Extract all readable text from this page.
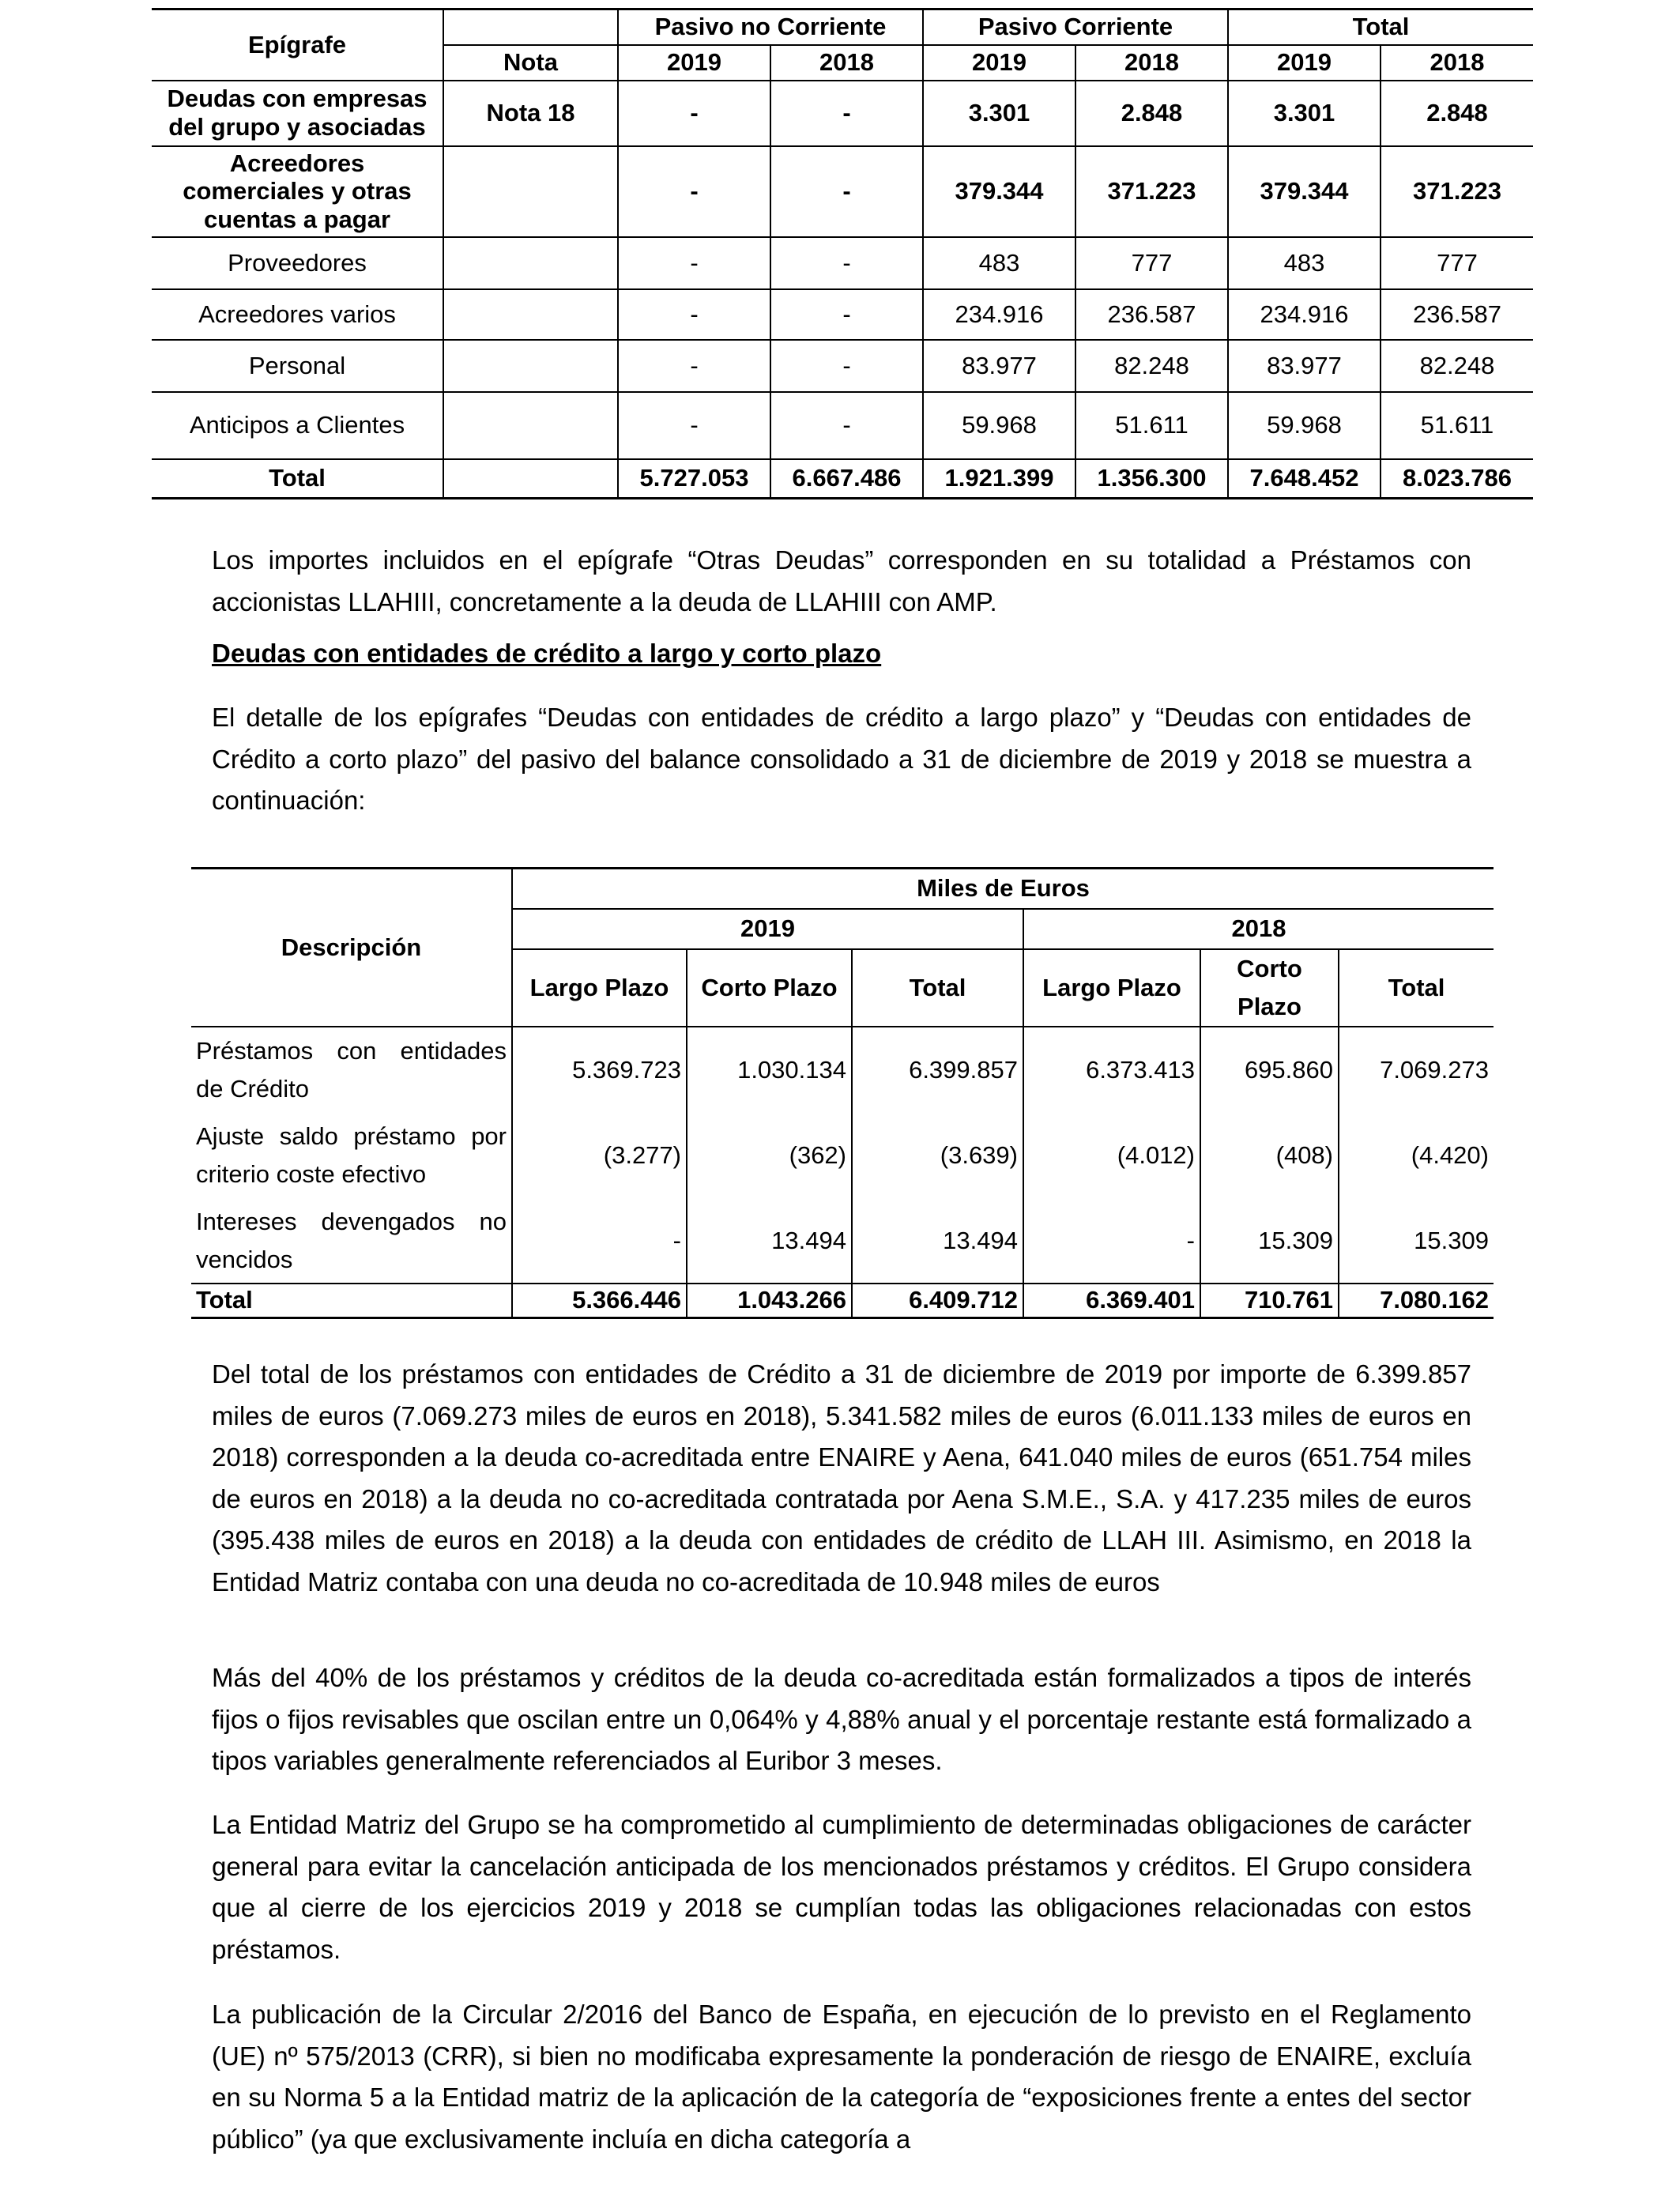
Epígrafe		Pasivo no Corriente		Pasivo Corriente		Total	
	Nota	2019	2018	2019	2018	2019	2018
Deudas con empresas del grupo y asociadas	Nota 18	-	-	3.301	2.848	3.301	2.848
Acreedores comerciales y otras cuentas a pagar		-	-	379.344	371.223	379.344	371.223
Proveedores		-	-	483	777	483	777
Acreedores varios		-	-	234.916	236.587	234.916	236.587
Personal		-	-	83.977	82.248	83.977	82.248
Anticipos a Clientes		-	-	59.968	51.611	59.968	51.611
Total		5.727.053	6.667.486	1.921.399	1.356.300	7.648.452	8.023.786

Los importes incluidos en el epígrafe “Otras Deudas” corresponden en su totalidad a Préstamos con accionistas LLAHIII, concretamente a la deuda de LLAHIII con AMP.

Deudas con entidades de crédito a largo y corto plazo

El detalle de los epígrafes “Deudas con entidades de crédito a largo plazo” y “Deudas con entidades de Crédito a corto plazo” del pasivo del balance consolidado a 31 de diciembre de 2019 y 2018 se muestra a continuación:

Descripción	Miles de Euros					
	2019			2018		
	Largo Plazo	Corto Plazo	Total	Largo Plazo	Corto Plazo	Total

Préstamos con entidades
de Crédito	5.369.723	1.030.134	6.399.857	6.373.413	695.860	7.069.273

Ajuste saldo préstamo por
criterio coste efectivo	(3.277)	(362)	(3.639)	(4.012)	(408)	(4.420)

Intereses devengados no
vencidos	-	13.494	13.494	-	15.309	15.309
Total	5.366.446	1.043.266	6.409.712	6.369.401	710.761	7.080.162

Del total de los préstamos con entidades de Crédito a 31 de diciembre de 2019 por importe de 6.399.857 miles de euros (7.069.273 miles de euros en 2018), 5.341.582 miles de euros (6.011.133 miles de euros en 2018) corresponden a la deuda co-acreditada entre ENAIRE y Aena, 641.040 miles de euros (651.754 miles de euros en 2018) a la deuda no co-acreditada contratada por Aena S.M.E., S.A. y 417.235 miles de euros (395.438 miles de euros en 2018) a la deuda con entidades de crédito de LLAH III. Asimismo, en 2018 la Entidad Matriz contaba con una deuda no co-acreditada de 10.948 miles de euros

Más del 40% de los préstamos y créditos de la deuda co-acreditada están formalizados a tipos de interés fijos o fijos revisables que oscilan entre un 0,064% y 4,88% anual y el porcentaje restante está formalizado a tipos variables generalmente referenciados al Euribor 3 meses.

La Entidad Matriz del Grupo se ha comprometido al cumplimiento de determinadas obligaciones de carácter general para evitar la cancelación anticipada de los mencionados préstamos y créditos. El Grupo considera que al cierre de los ejercicios 2019 y 2018 se cumplían todas las obligaciones relacionadas con estos préstamos.

La publicación de la Circular 2/2016 del Banco de España, en ejecución de lo previsto en el Reglamento (UE) nº 575/2013 (CRR), si bien no modificaba expresamente la ponderación de riesgo de ENAIRE, excluía en su Norma 5 a la Entidad matriz de la aplicación de la categoría de “exposiciones frente a entes del sector público” (ya que exclusivamente incluía en dicha categoría a
